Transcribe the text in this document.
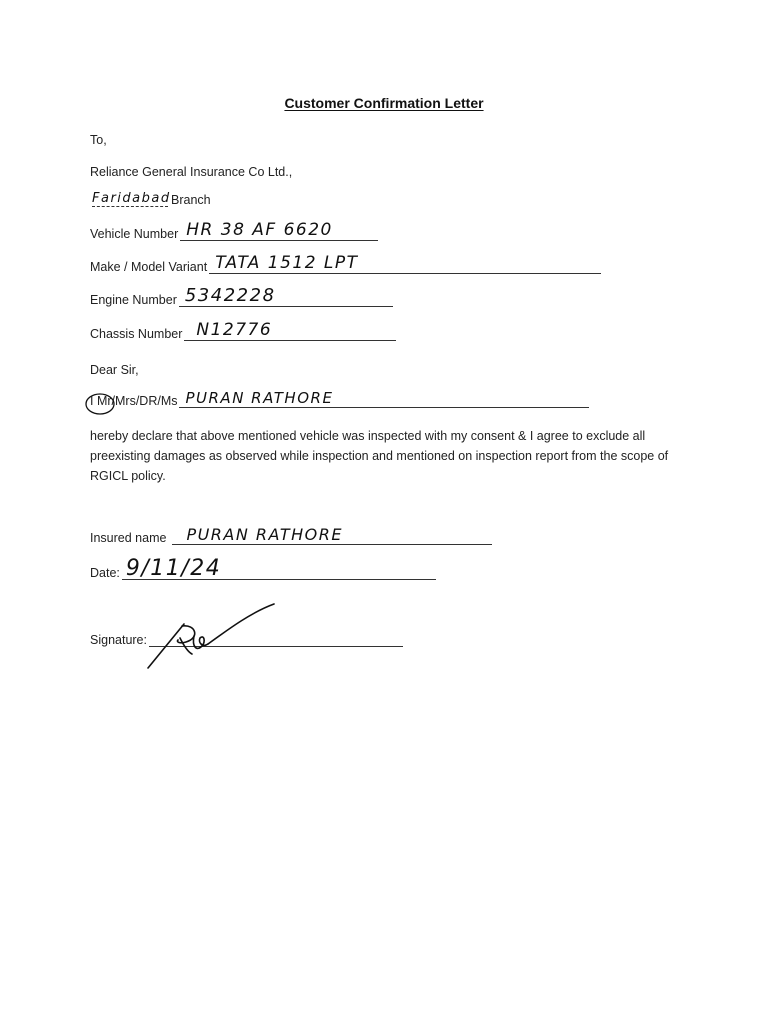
Customer Confirmation Letter
To,
Reliance General Insurance Co Ltd.,
Faridabad Branch
Vehicle Number HR 38 AF 6620
Make / Model Variant TATA 1512 LPT
Engine Number 5342228
Chassis Number N12776
Dear Sir,
I Mr/Mrs/DR/Ms PURAN RATHORE
hereby declare that above mentioned vehicle was inspected with my consent & I agree to exclude all preexisting damages as observed while inspection and mentioned on inspection report from the scope of RGICL policy.
Insured name PURAN RATHORE
Date: 9/11/24
Signature:
